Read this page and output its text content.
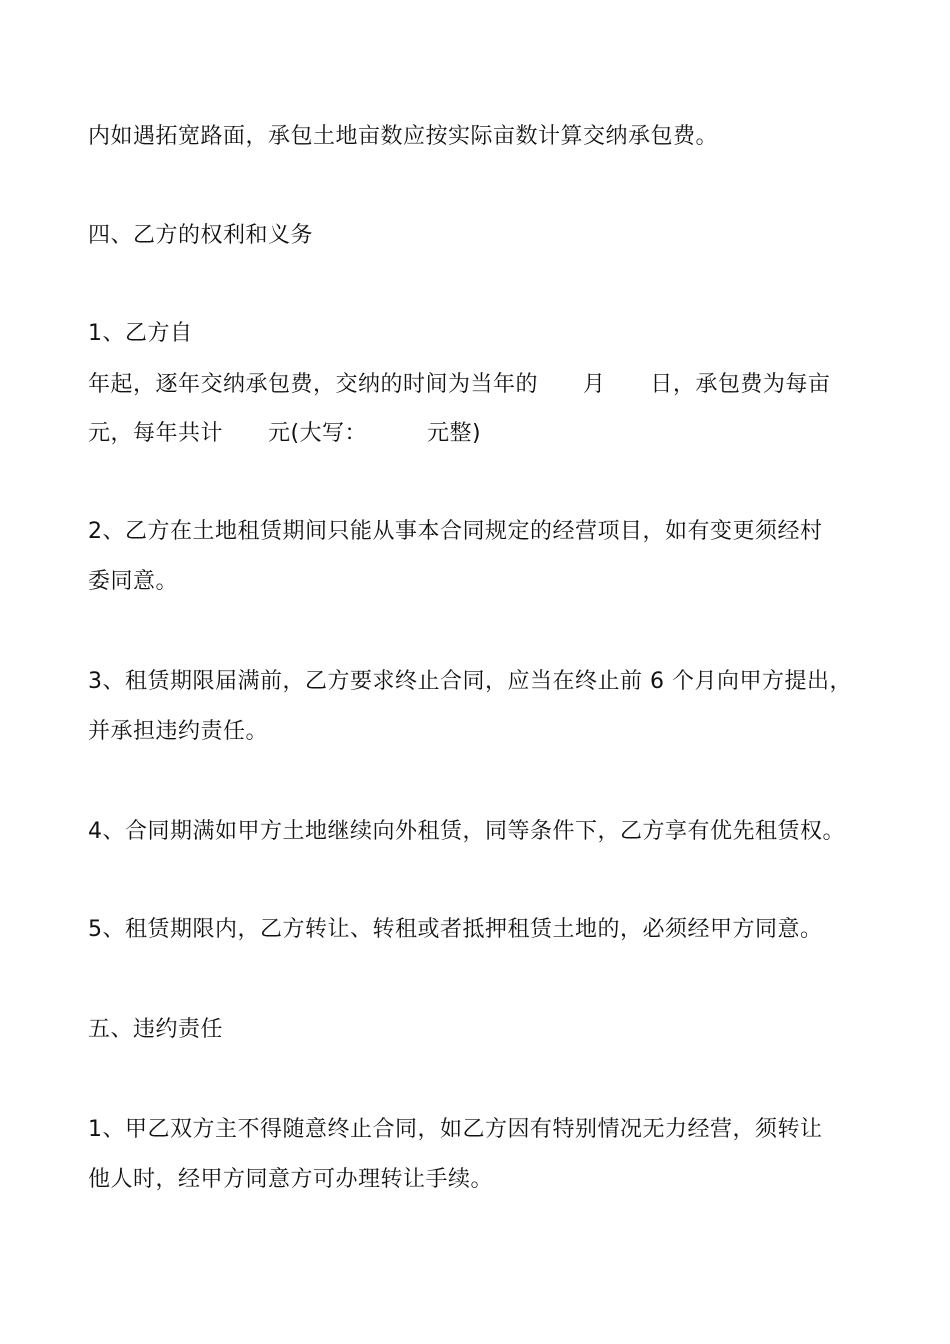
内如遇拓宽路面，承包土地亩数应按实际亩数计算交纳承包费。
四、乙方的权利和义务
1、乙方自
年起，逐年交纳承包费，交纳的时间为当年的      月      日，承包费为每亩
元，每年共计      元(大写：        元整)
2、乙方在土地租赁期间只能从事本合同规定的经营项目，如有变更须经村
委同意。
3、租赁期限届满前，乙方要求终止合同，应当在终止前 6 个月向甲方提出，
并承担违约责任。
4、合同期满如甲方土地继续向外租赁，同等条件下，乙方享有优先租赁权。
5、租赁期限内，乙方转让、转租或者抵押租赁土地的，必须经甲方同意。
五、违约责任
1、甲乙双方主不得随意终止合同，如乙方因有特别情况无力经营，须转让
他人时，经甲方同意方可办理转让手续。
